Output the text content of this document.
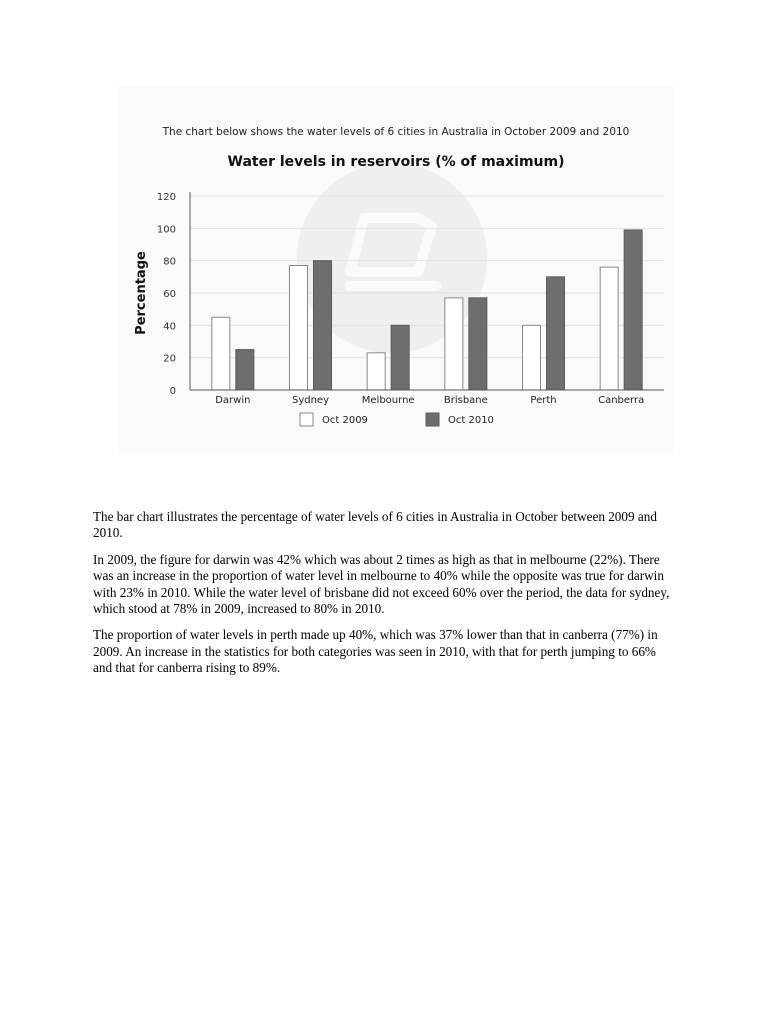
0
20
40
60
80
100
120
Percentage
Darwin	Sydney	Melbourne	Brisbane	Perth	Canberra
Oct 2009	Oct 2010
The chart below shows the water levels of 6 cities in Australia in October 2009 and 2010
Water levels in reservoirs (% of maximum)

The bar chart illustrates the percentage of water levels of 6 cities in Australia in October between 2009 and 2010.

In 2009, the figure for darwin was 42% which was about 2 times as high as that in melbourne (22%). There was an increase in the proportion of water level in melbourne to 40% while the opposite was true for darwin with 23% in 2010. While the water level of brisbane did not exceed 60% over the period, the data for sydney, which stood at 78% in 2009, increased to 80% in 2010.

The proportion of water levels in perth made up 40%, which was 37% lower than that in canberra (77%) in 2009. An increase in the statistics for both categories was seen in 2010, with that for perth jumping to 66% and that for canberra rising to 89%.
